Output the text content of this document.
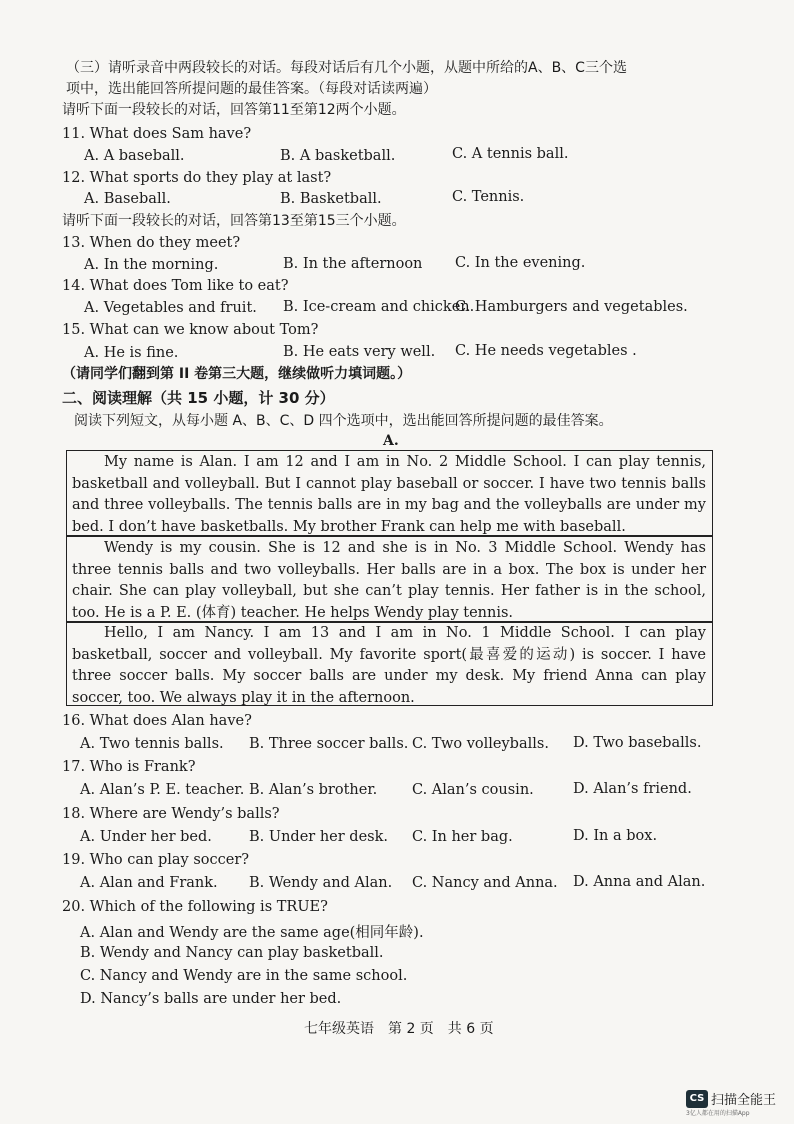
（三）请听录音中两段较长的对话。每段对话后有几个小题，从题中所给的A、B、C三个选
项中，选出能回答所提问题的最佳答案。（每段对话读两遍）
请听下面一段较长的对话，回答第11至第12两个小题。
11. What does Sam have?
A. A baseball.	B. A basketball.	C. A tennis ball.
12. What sports do they play at last?
A. Baseball.	B. Basketball.	C. Tennis.
请听下面一段较长的对话，回答第13至第15三个小题。
13. When do they meet?
A. In the morning.	B. In the afternoon C. In the evening.
14. What does Tom like to eat?
A. Vegetables and fruit. B. Ice-cream and chicken.
C. Hamburgers and vegetables.
15. What can we know about Tom?
A. He is fine.	B. He eats very well. C. He needs vegetables .
（请同学们翻到第 II 卷第三大题，继续做听力填词题。）
二、阅读理解（共 15 小题，计 30 分）
阅读下列短文，从每小题 A、B、C、D 四个选项中，选出能回答所提问题的最佳答案。
A.
My name is Alan. I am 12 and I am in No. 2 Middle School. I can play tennis, basketball and volleyball. But I cannot play baseball or soccer. I have two tennis balls and three volleyballs. The tennis balls are in my bag and the volleyballs are under my bed. I don’t have basketballs. My brother Frank can help me with baseball.
Wendy is my cousin. She is 12 and she is in No. 3 Middle School. Wendy has three tennis balls and two volleyballs. Her balls are in a box. The box is under her chair. She can play volleyball, but she can’t play tennis. Her father is in the school, too. He is a P. E. (体育) teacher. He helps Wendy play tennis.
Hello, I am Nancy. I am 13 and I am in No. 1 Middle School. I can play basketball, soccer and volleyball. My favorite sport(最喜爱的运动) is soccer. I have three soccer balls. My soccer balls are under my desk. My friend Anna can play soccer, too. We always play it in the afternoon.
16. What does Alan have?
A. Two tennis balls. B. Three soccer balls. C. Two volleyballs. D. Two baseballs.
17. Who is Frank?
A. Alan’s P. E. teacher. B. Alan’s brother. C. Alan’s cousin.	D. Alan’s friend.
18. Where are Wendy’s balls?
A. Under her bed.	B. Under her desk. C. In her bag.	D. In a box.
19. Who can play soccer?
A. Alan and Frank. B. Wendy and Alan. C. Nancy and Anna. D. Anna and Alan.
20. Which of the following is TRUE?
A. Alan and Wendy are the same age(相同年龄).
B. Wendy and Nancy can play basketball.
C. Nancy and Wendy are in the same school.
D. Nancy’s balls are under her bed.
七年级英语　第 2 页　共 6 页
CS 扫描全能王
3亿人都在用的扫描App
